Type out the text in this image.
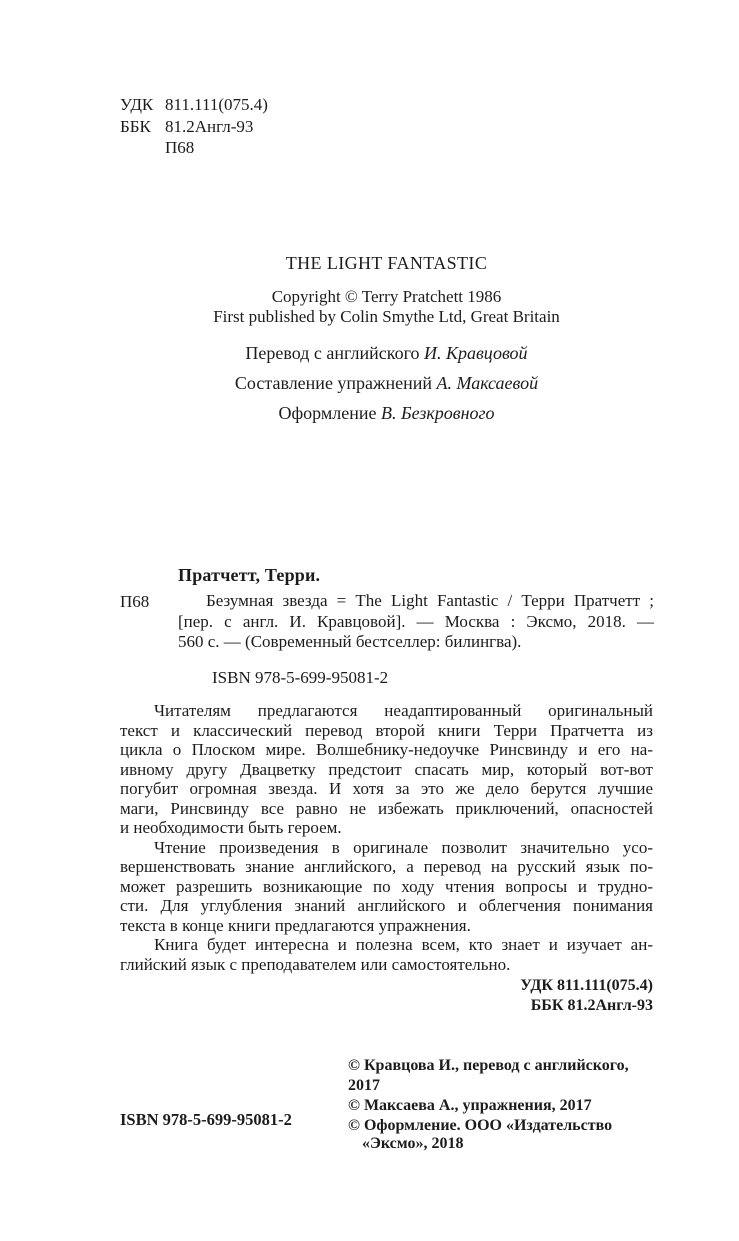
УДК 811.111(075.4)
ББК 81.2Англ-93
П68
THE LIGHT FANTASTIC
Copyright © Terry Pratchett 1986
First published by Colin Smythe Ltd, Great Britain
Перевод с английского И. Кравцовой
Составление упражнений А. Максаевой
Оформление В. Безкровного
Пратчетт, Терри.
П68	Безумная звезда = The Light Fantastic / Терри Пратчетт ;
[пер. с англ. И. Кравцовой]. — Москва : Эксмо, 2018. —
560 с. — (Современный бестселлер: билингва).
ISBN 978-5-699-95081-2
Читателям предлагаются неадаптированный оригинальный
текст и классический перевод второй книги Терри Пратчетта из
цикла о Плоском мире. Волшебнику-недоучке Ринсвинду и его на-
ивному другу Двацветку предстоит спасать мир, который вот-вот
погубит огромная звезда. И хотя за это же дело берутся лучшие
маги, Ринсвинду все равно не избежать приключений, опасностей
и необходимости быть героем.
Чтение произведения в оригинале позволит значительно усо-
вершенствовать знание английского, а перевод на русский язык по-
может разрешить возникающие по ходу чтения вопросы и трудно-
сти. Для углубления знаний английского и облегчения понимания
текста в конце книги предлагаются упражнения.
Книга будет интересна и полезна всем, кто знает и изучает ан-
глийский язык с преподавателем или самостоятельно.
УДК 811.111(075.4)
ББК 81.2Англ-93
© Кравцова И., перевод с английского, 2017
© Максаева А., упражнения, 2017
© Оформление. ООО «Издательство
«Эксмо», 2018
ISBN 978-5-699-95081-2
